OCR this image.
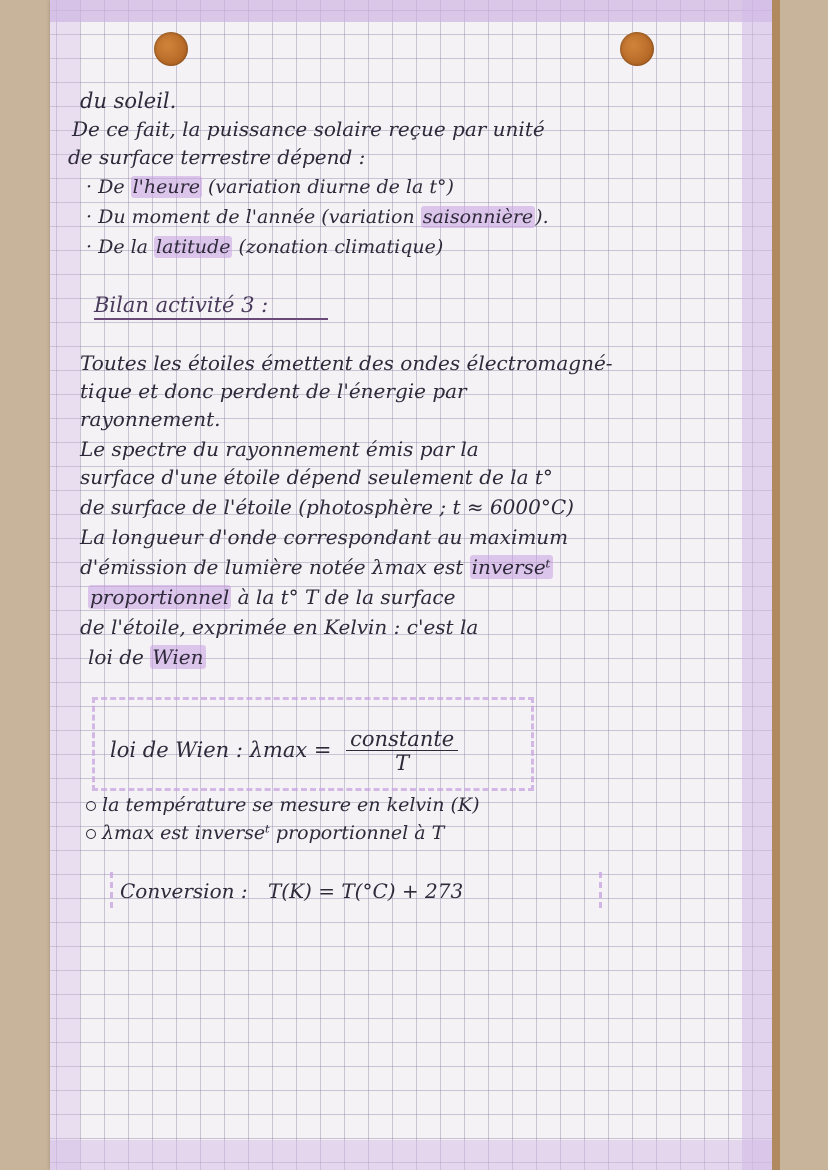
du soleil.
De ce fait, la puissance solaire reçue par unité
de surface terrestre dépend :
· De l'heure (variation diurne de la t°)
· Du moment de l'année (variation saisonnière ).
· De la latitude (zonation climatique)
Bilan activité 3 :
Toutes les étoiles émettent des ondes électromagné-
tique et donc perdent de l'énergie par
rayonnement.
Le spectre du rayonnement émis par la
surface d'une étoile dépend seulement de la t°
de surface de l'étoile (photosphère ; t ≈ 6000°C)
La longueur d'onde correspondant au maximum
d'émission de lumière notée λmax est inverseᵗ
proportionnel à la t° T de la surface
de l'étoile, exprimée en Kelvin : c'est la
loi de Wien
loi de Wien : $\lambda\max = \frac{\text{constante}}{T}$
la température se mesure en kelvin (K)
λmax est inverseᵗ proportionnel à T
Conversion : T(K) = T(°C) + 273
